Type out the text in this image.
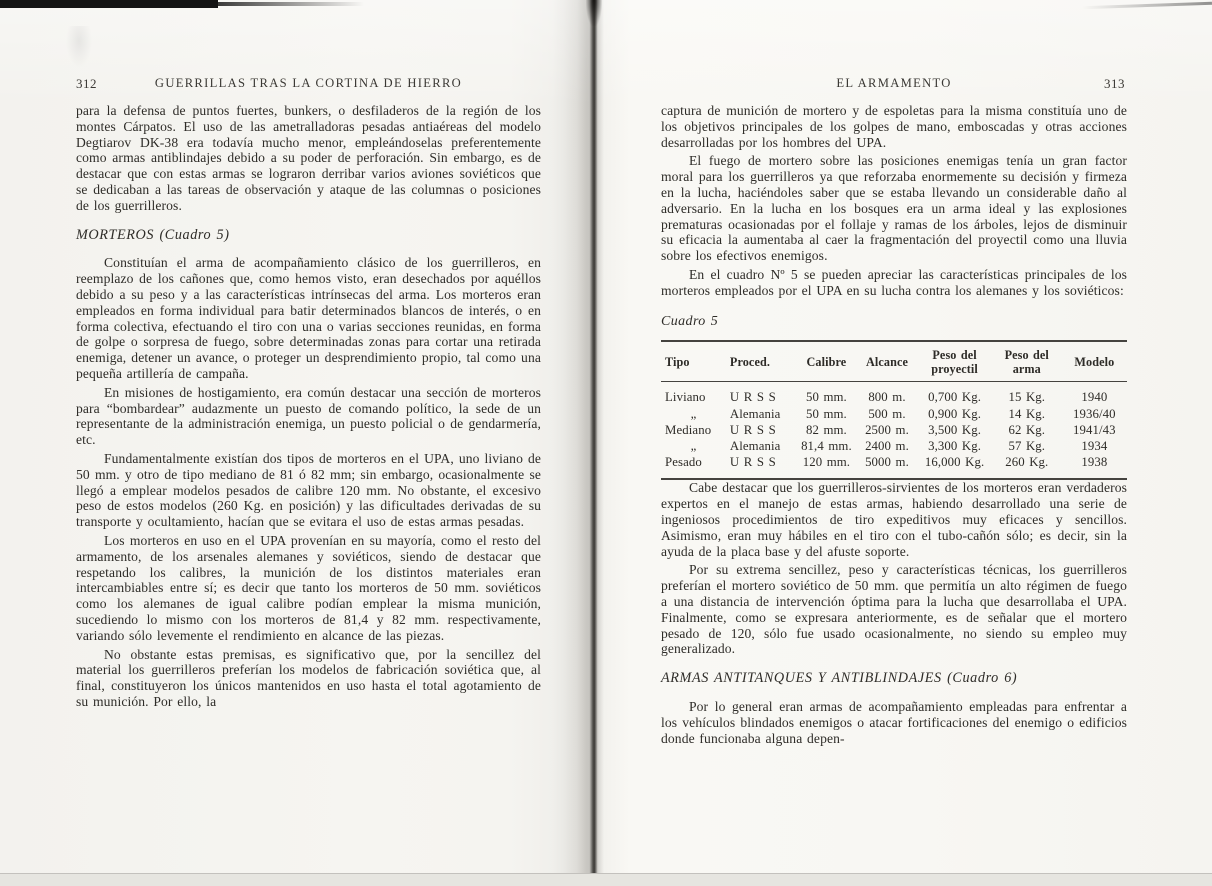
312	GUERRILLAS TRAS LA CORTINA DE HIERRO

para la defensa de puntos fuertes, bunkers, o desfiladeros de la región de los montes Cárpatos. El uso de las ametralladoras pesadas antiaéreas del modelo Degtiarov DK-38 era todavía mucho menor, empleándoselas preferentemente como armas antiblindajes debido a su poder de perforación. Sin embargo, es de destacar que con estas armas se lograron derribar varios aviones soviéticos que se dedicaban a las tareas de observación y ataque de las columnas o posiciones de los guerrilleros.

MORTEROS (Cuadro 5)

Constituían el arma de acompañamiento clásico de los guerrilleros, en reemplazo de los cañones que, como hemos visto, eran desechados por aquéllos debido a su peso y a las características intrínsecas del arma. Los morteros eran empleados en forma individual para batir determinados blancos de interés, o en forma colectiva, efectuando el tiro con una o varias secciones reunidas, en forma de golpe o sorpresa de fuego, sobre determinadas zonas para cortar una retirada enemiga, detener un avance, o proteger un desprendimiento propio, tal como una pequeña artillería de campaña.

En misiones de hostigamiento, era común destacar una sección de morteros para “bombardear” audazmente un puesto de comando político, la sede de un representante de la administración enemiga, un puesto policial o de gendarmería, etc.

Fundamentalmente existían dos tipos de morteros en el UPA, uno liviano de 50 mm. y otro de tipo mediano de 81 ó 82 mm; sin embargo, ocasionalmente se llegó a emplear modelos pesados de calibre 120 mm. No obstante, el excesivo peso de estos modelos (260 Kg. en posición) y las dificultades derivadas de su transporte y ocultamiento, hacían que se evitara el uso de estas armas pesadas.

Los morteros en uso en el UPA provenían en su mayoría, como el resto del armamento, de los arsenales alemanes y soviéticos, siendo de destacar que respetando los calibres, la munición de los distintos materiales eran intercambiables entre sí; es decir que tanto los morteros de 50 mm. soviéticos como los alemanes de igual calibre podían emplear la misma munición, sucediendo lo mismo con los morteros de 81,4 y 82 mm. respectivamente, variando sólo levemente el rendimiento en alcance de las piezas.

No obstante estas premisas, es significativo que, por la sencillez del material los guerrilleros preferían los modelos de fabricación soviética que, al final, constituyeron los únicos mantenidos en uso hasta el total agotamiento de su munición. Por ello, la

EL ARMAMENTO	313

captura de munición de mortero y de espoletas para la misma constituía uno de los objetivos principales de los golpes de mano, emboscadas y otras acciones desarrolladas por los hombres del UPA.

El fuego de mortero sobre las posiciones enemigas tenía un gran factor moral para los guerrilleros ya que reforzaba enormemente su decisión y firmeza en la lucha, haciéndoles saber que se estaba llevando un considerable daño al adversario. En la lucha en los bosques era un arma ideal y las explosiones prematuras ocasionadas por el follaje y ramas de los árboles, lejos de disminuir su eficacia la aumentaba al caer la fragmentación del proyectil como una lluvia sobre los efectivos enemigos.

En el cuadro Nº 5 se pueden apreciar las características principales de los morteros empleados por el UPA en su lucha contra los alemanes y los soviéticos:

Cuadro 5
Tipo	Proced.	Calibre	Alcance	Peso del proyectil	Peso del arma	Modelo
Liviano	U R S S	50 mm.	800 m.	0,700 Kg.	15 Kg.	1940
„	Alemania	50 mm.	500 m.	0,900 Kg.	14 Kg.	1936/40
Mediano	U R S S	82 mm.	2500 m.	3,500 Kg.	62 Kg.	1941/43
„	Alemania	81,4 mm.	2400 m.	3,300 Kg.	57 Kg.	1934
Pesado	U R S S	120 mm.	5000 m.	16,000 Kg.	260 Kg.	1938

Cabe destacar que los guerrilleros-sirvientes de los morteros eran verdaderos expertos en el manejo de estas armas, habiendo desarrollado una serie de ingeniosos procedimientos de tiro expeditivos muy eficaces y sencillos. Asimismo, eran muy hábiles en el tiro con el tubo-cañón sólo; es decir, sin la ayuda de la placa base y del afuste soporte.

Por su extrema sencillez, peso y características técnicas, los guerrilleros preferían el mortero soviético de 50 mm. que permitía un alto régimen de fuego a una distancia de intervención óptima para la lucha que desarrollaba el UPA. Finalmente, como se expresara anteriormente, es de señalar que el mortero pesado de 120, sólo fue usado ocasionalmente, no siendo su empleo muy generalizado.

ARMAS ANTITANQUES Y ANTIBLINDAJES (Cuadro 6)

Por lo general eran armas de acompañamiento empleadas para enfrentar a los vehículos blindados enemigos o atacar fortificaciones del enemigo o edificios donde funcionaba alguna depen-
